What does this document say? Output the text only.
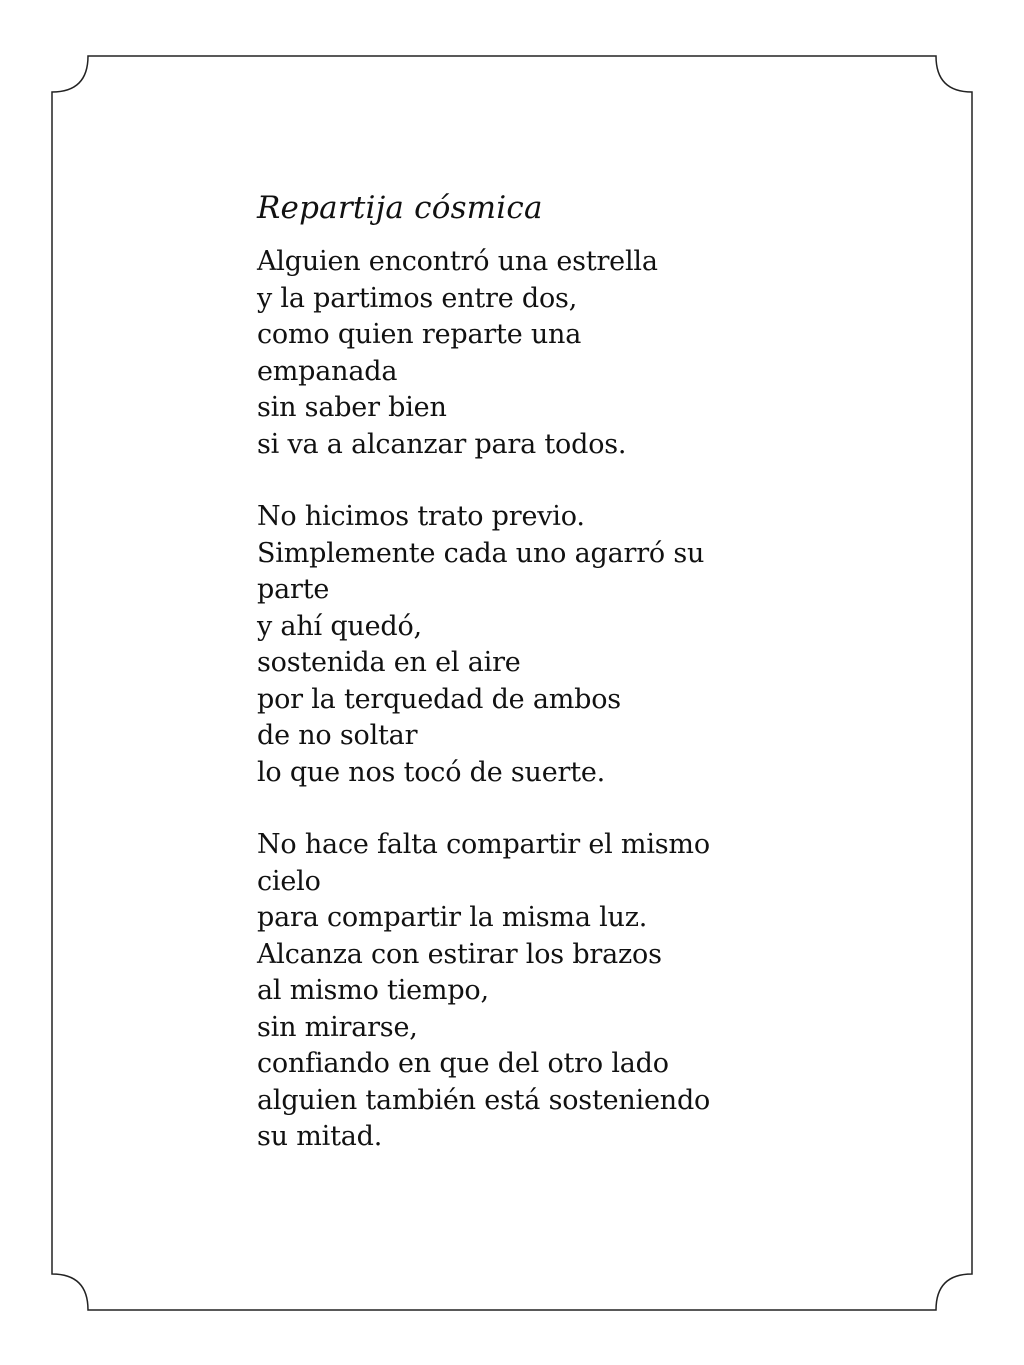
Repartija cósmica
Alguien encontró una estrella
y la partimos entre dos,
como quien reparte una
empanada
sin saber bien
si va a alcanzar para todos.
No hicimos trato previo.
Simplemente cada uno agarró su
parte
y ahí quedó,
sostenida en el aire
por la terquedad de ambos
de no soltar
lo que nos tocó de suerte.
No hace falta compartir el mismo
cielo
para compartir la misma luz.
Alcanza con estirar los brazos
al mismo tiempo,
sin mirarse,
confiando en que del otro lado
alguien también está sosteniendo
su mitad.
